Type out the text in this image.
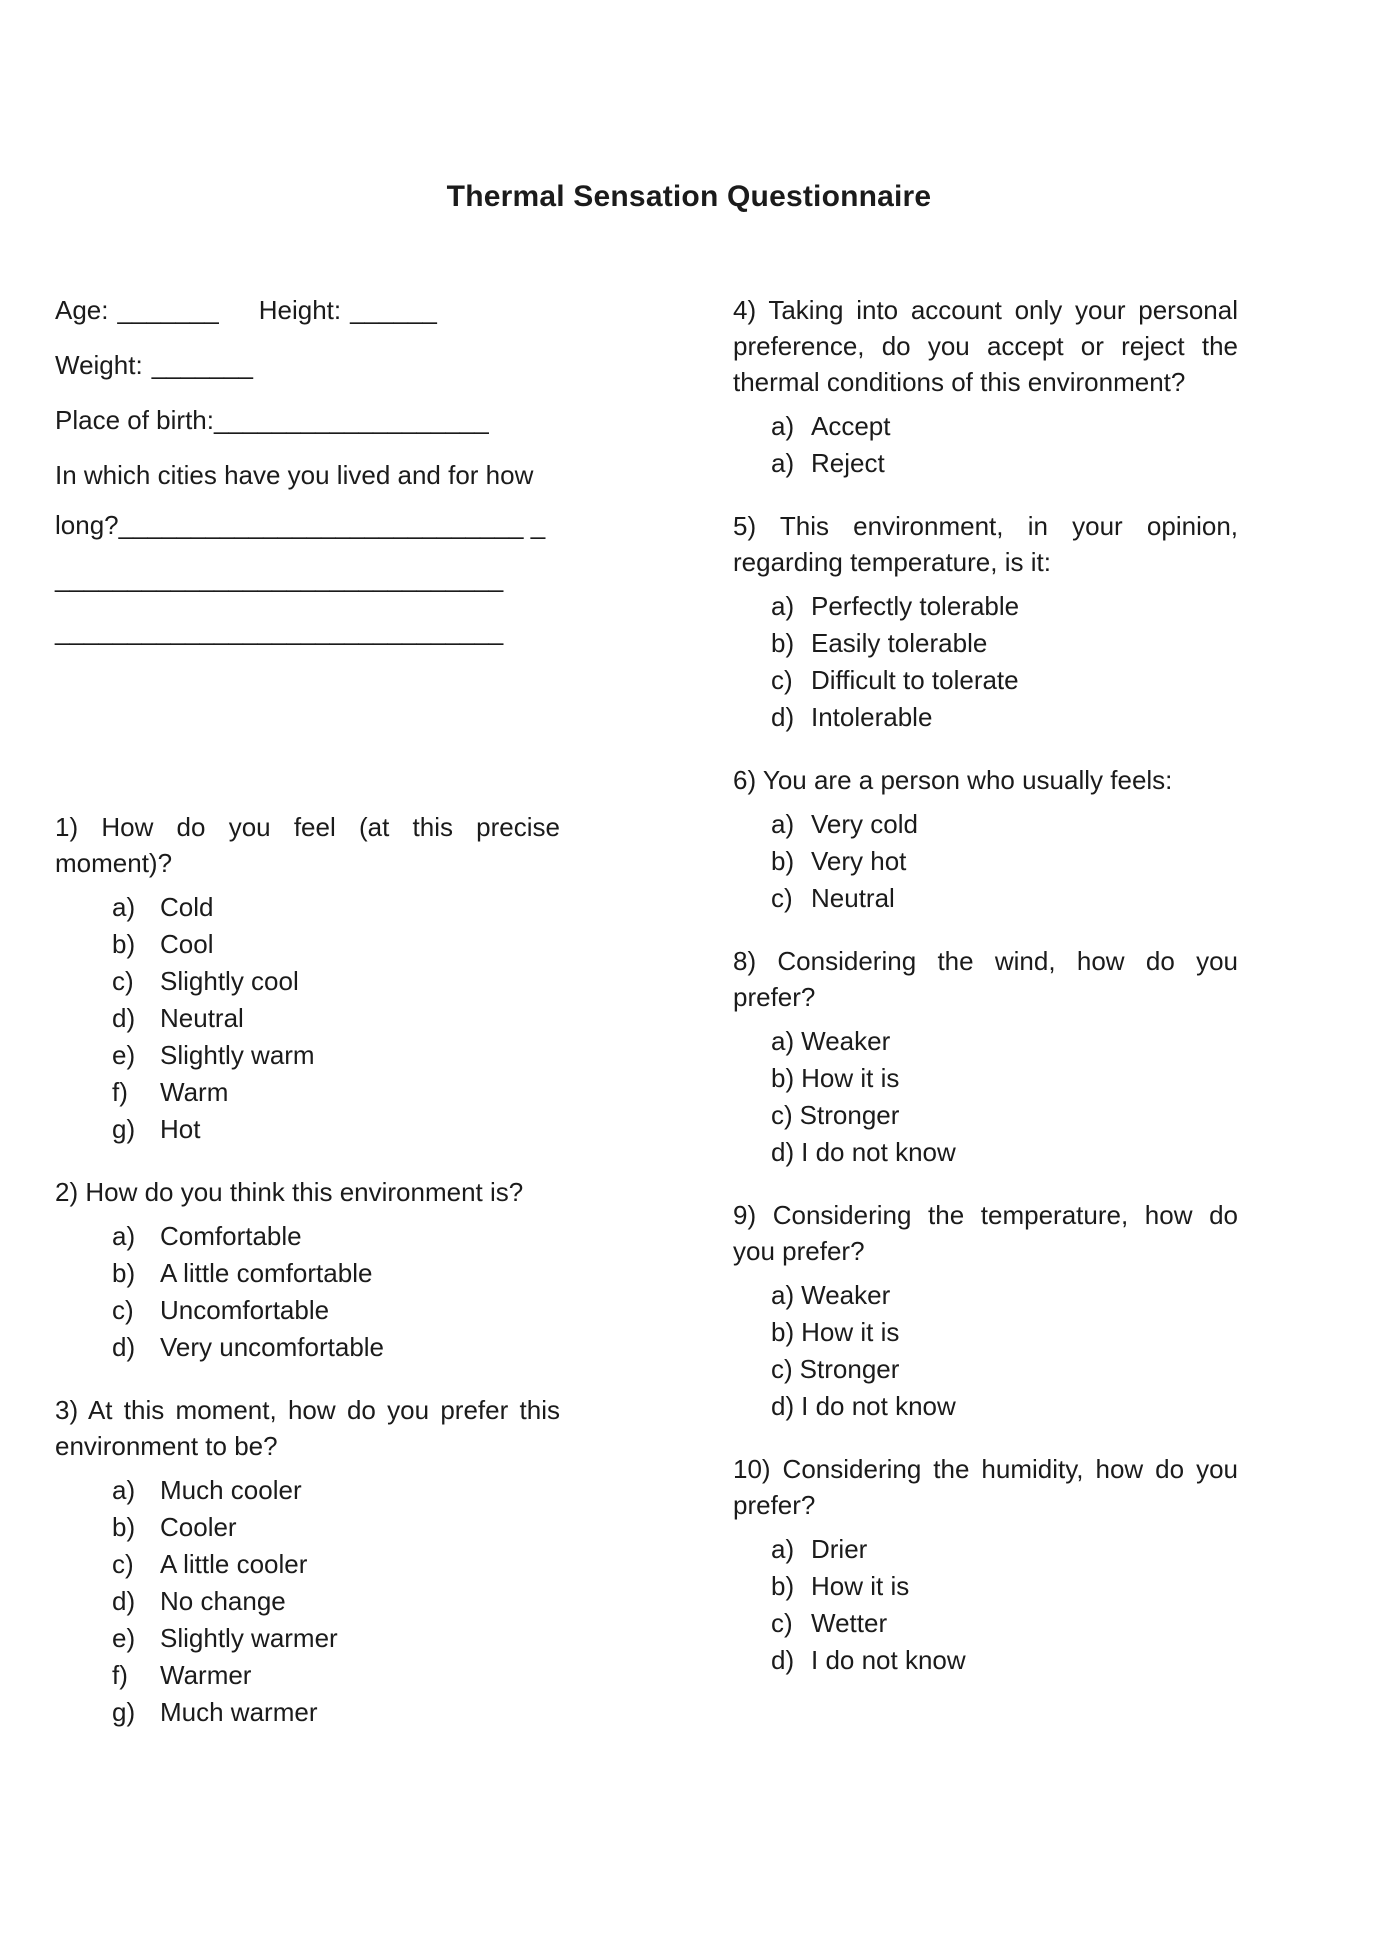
Thermal Sensation Questionnaire

Age: _______ Height: ______

Weight: _______

Place of birth:___________________

In which cities have you lived and for how

long?____________________________ _

_______________________________

_______________________________

1) How do you feel (at this precise moment)?

a) Cold
b) Cool
c) Slightly cool
d) Neutral
e) Slightly warm
f) Warm
g) Hot

2) How do you think this environment is?

a) Comfortable
b) A little comfortable
c) Uncomfortable
d) Very uncomfortable

3) At this moment, how do you prefer this environment to be?

a) Much cooler
b) Cooler
c) A little cooler
d) No change
e) Slightly warmer
f) Warmer
g) Much warmer

4) Taking into account only your personal preference, do you accept or reject the thermal conditions of this environment?

a) Accept
a) Reject

5) This environment, in your opinion, regarding temperature, is it:

a) Perfectly tolerable
b) Easily tolerable
c) Difficult to tolerate
d) Intolerable

6) You are a person who usually feels:

a) Very cold
b) Very hot
c) Neutral

8) Considering the wind, how do you prefer?

a) Weaker
b) How it is
c) Stronger
d) I do not know

9) Considering the temperature, how do you prefer?

a) Weaker
b) How it is
c) Stronger
d) I do not know

10) Considering the humidity, how do you prefer?

a) Drier
b) How it is
c) Wetter
d) I do not know
